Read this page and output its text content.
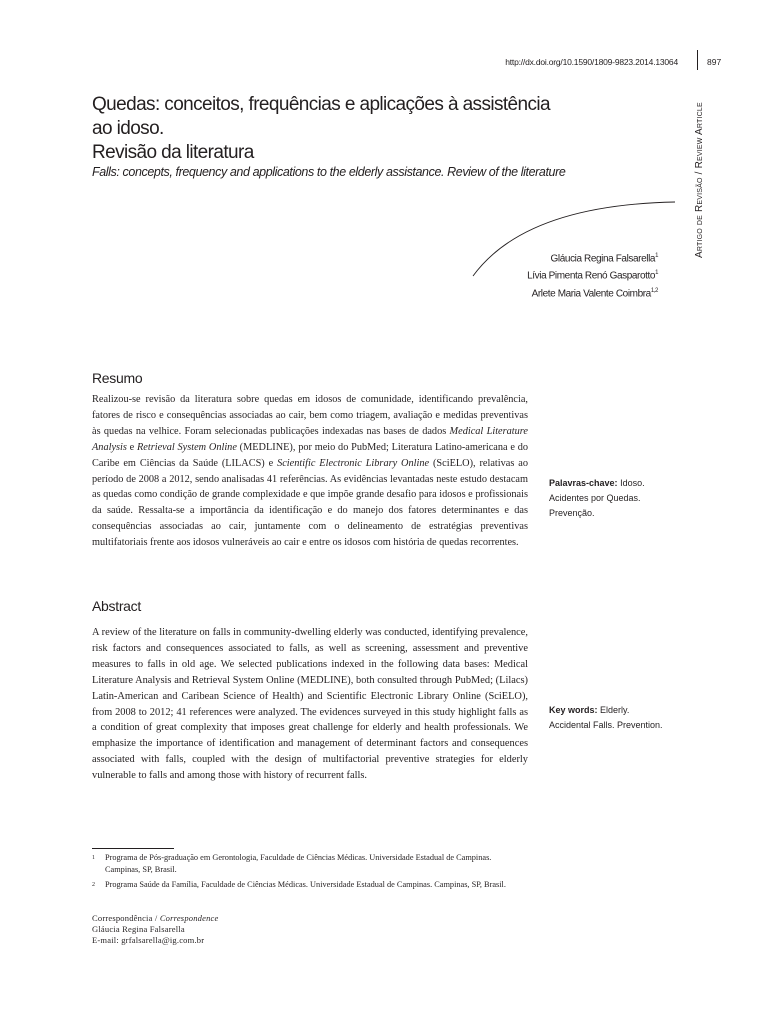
http://dx.doi.org/10.1590/1809-9823.2014.13064	897
Artigo de Revisão / Review Article
Quedas: conceitos, frequências e aplicações à assistência ao idoso.
Revisão da literatura
Falls: concepts, frequency and applications to the elderly assistance. Review of the literature
Gláucia Regina Falsarella$^1$
Lívia Pimenta Renó Gasparotto$^1$
Arlete Maria Valente Coimbra$^{1,2}$
Resumo
Realizou-se revisão da literatura sobre quedas em idosos de comunidade, identificando prevalência, fatores de risco e consequências associadas ao cair, bem como triagem, avaliação e medidas preventivas às quedas na velhice. Foram selecionadas publicações indexadas nas bases de dados Medical Literature Analysis e Retrieval System Online (MEDLINE), por meio do PubMed; Literatura Latino-americana e do Caribe em Ciências da Saúde (LILACS) e Scientific Electronic Library Online (SciELO), relativas ao período de 2008 a 2012, sendo analisadas 41 referências. As evidências levantadas neste estudo destacam as quedas como condição de grande complexidade e que impõe grande desafio para idosos e profissionais da saúde. Ressalta-se a importância da identificação e do manejo dos fatores determinantes e das consequências associadas ao cair, juntamente com o delineamento de estratégias preventivas multifatoriais frente aos idosos vulneráveis ao cair e entre os idosos com história de quedas recorrentes.
Palavras-chave: Idoso.
Acidentes por Quedas.
Prevenção.
Abstract
A review of the literature on falls in community-dwelling elderly was conducted, identifying prevalence, risk factors and consequences associated to falls, as well as screening, assessment and preventive measures to falls in old age. We selected publications indexed in the following data bases: Medical Literature Analysis and Retrieval System Online (MEDLINE), both consulted through PubMed; (Lilacs) Latin-American and Caribean Science of Health) and Scientific Electronic Library Online (SciELO), from 2008 to 2012; 41 references were analyzed. The evidences surveyed in this study highlight falls as a condition of great complexity that imposes great challenge for elderly and health professionals. We emphasize the importance of identification and management of determinant factors and consequences associated with falls, coupled with the design of multifactorial preventive strategies for elderly vulnerable to falls and among those with history of recurrent falls.
Key words: Elderly.
Accidental Falls. Prevention.
1 Programa de Pós-graduação em Gerontologia, Faculdade de Ciências Médicas. Universidade Estadual de Campinas. Campinas, SP, Brasil.
2 Programa Saúde da Família, Faculdade de Ciências Médicas. Universidade Estadual de Campinas. Campinas, SP, Brasil.
Correspondência / Correspondence
Gláucia Regina Falsarella
E-mail: grfalsarella@ig.com.br
